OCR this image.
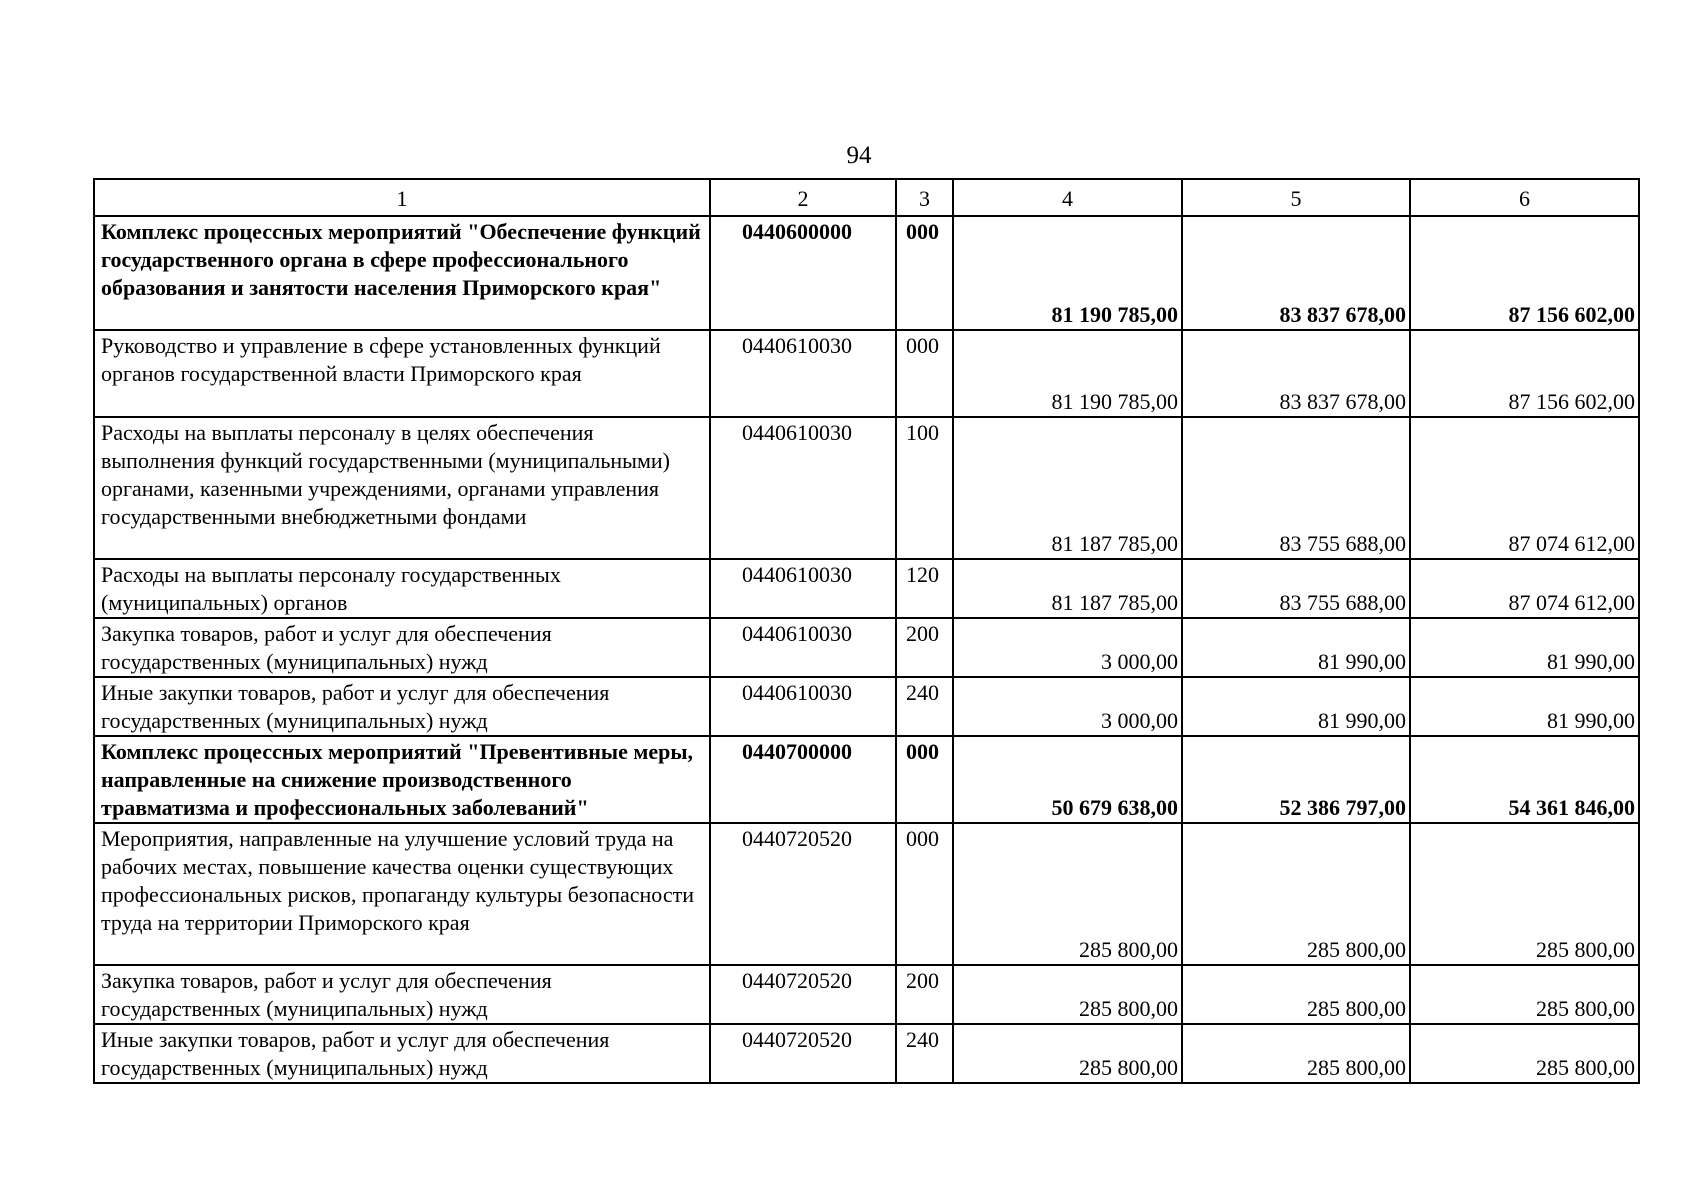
94
1	2	3	4	5	6
Комплекс процессных мероприятий "Обеспечение функций государственного органа в сфере профессионального образования и занятости населения Приморского края"	0440600000	000	81 190 785,00	83 837 678,00	87 156 602,00
Руководство и управление в сфере установленных функций органов государственной власти Приморского края	0440610030	000	81 190 785,00	83 837 678,00	87 156 602,00
Расходы на выплаты персоналу в целях обеспечения выполнения функций государственными (муниципальными) органами, казенными учреждениями, органами управления государственными внебюджетными фондами	0440610030	100	81 187 785,00	83 755 688,00	87 074 612,00
Расходы на выплаты персоналу государственных (муниципальных) органов	0440610030	120	81 187 785,00	83 755 688,00	87 074 612,00
Закупка товаров, работ и услуг для обеспечения государственных (муниципальных) нужд	0440610030	200	3 000,00	81 990,00	81 990,00
Иные закупки товаров, работ и услуг для обеспечения государственных (муниципальных) нужд	0440610030	240	3 000,00	81 990,00	81 990,00
Комплекс процессных мероприятий "Превентивные меры, направленные на снижение производственного травматизма и профессиональных заболеваний"	0440700000	000	50 679 638,00	52 386 797,00	54 361 846,00
Мероприятия, направленные на улучшение условий труда на рабочих местах, повышение качества оценки существующих профессиональных рисков, пропаганду культуры безопасности труда на территории Приморского края	0440720520	000	285 800,00	285 800,00	285 800,00
Закупка товаров, работ и услуг для обеспечения государственных (муниципальных) нужд	0440720520	200	285 800,00	285 800,00	285 800,00
Иные закупки товаров, работ и услуг для обеспечения государственных (муниципальных) нужд	0440720520	240	285 800,00	285 800,00	285 800,00
